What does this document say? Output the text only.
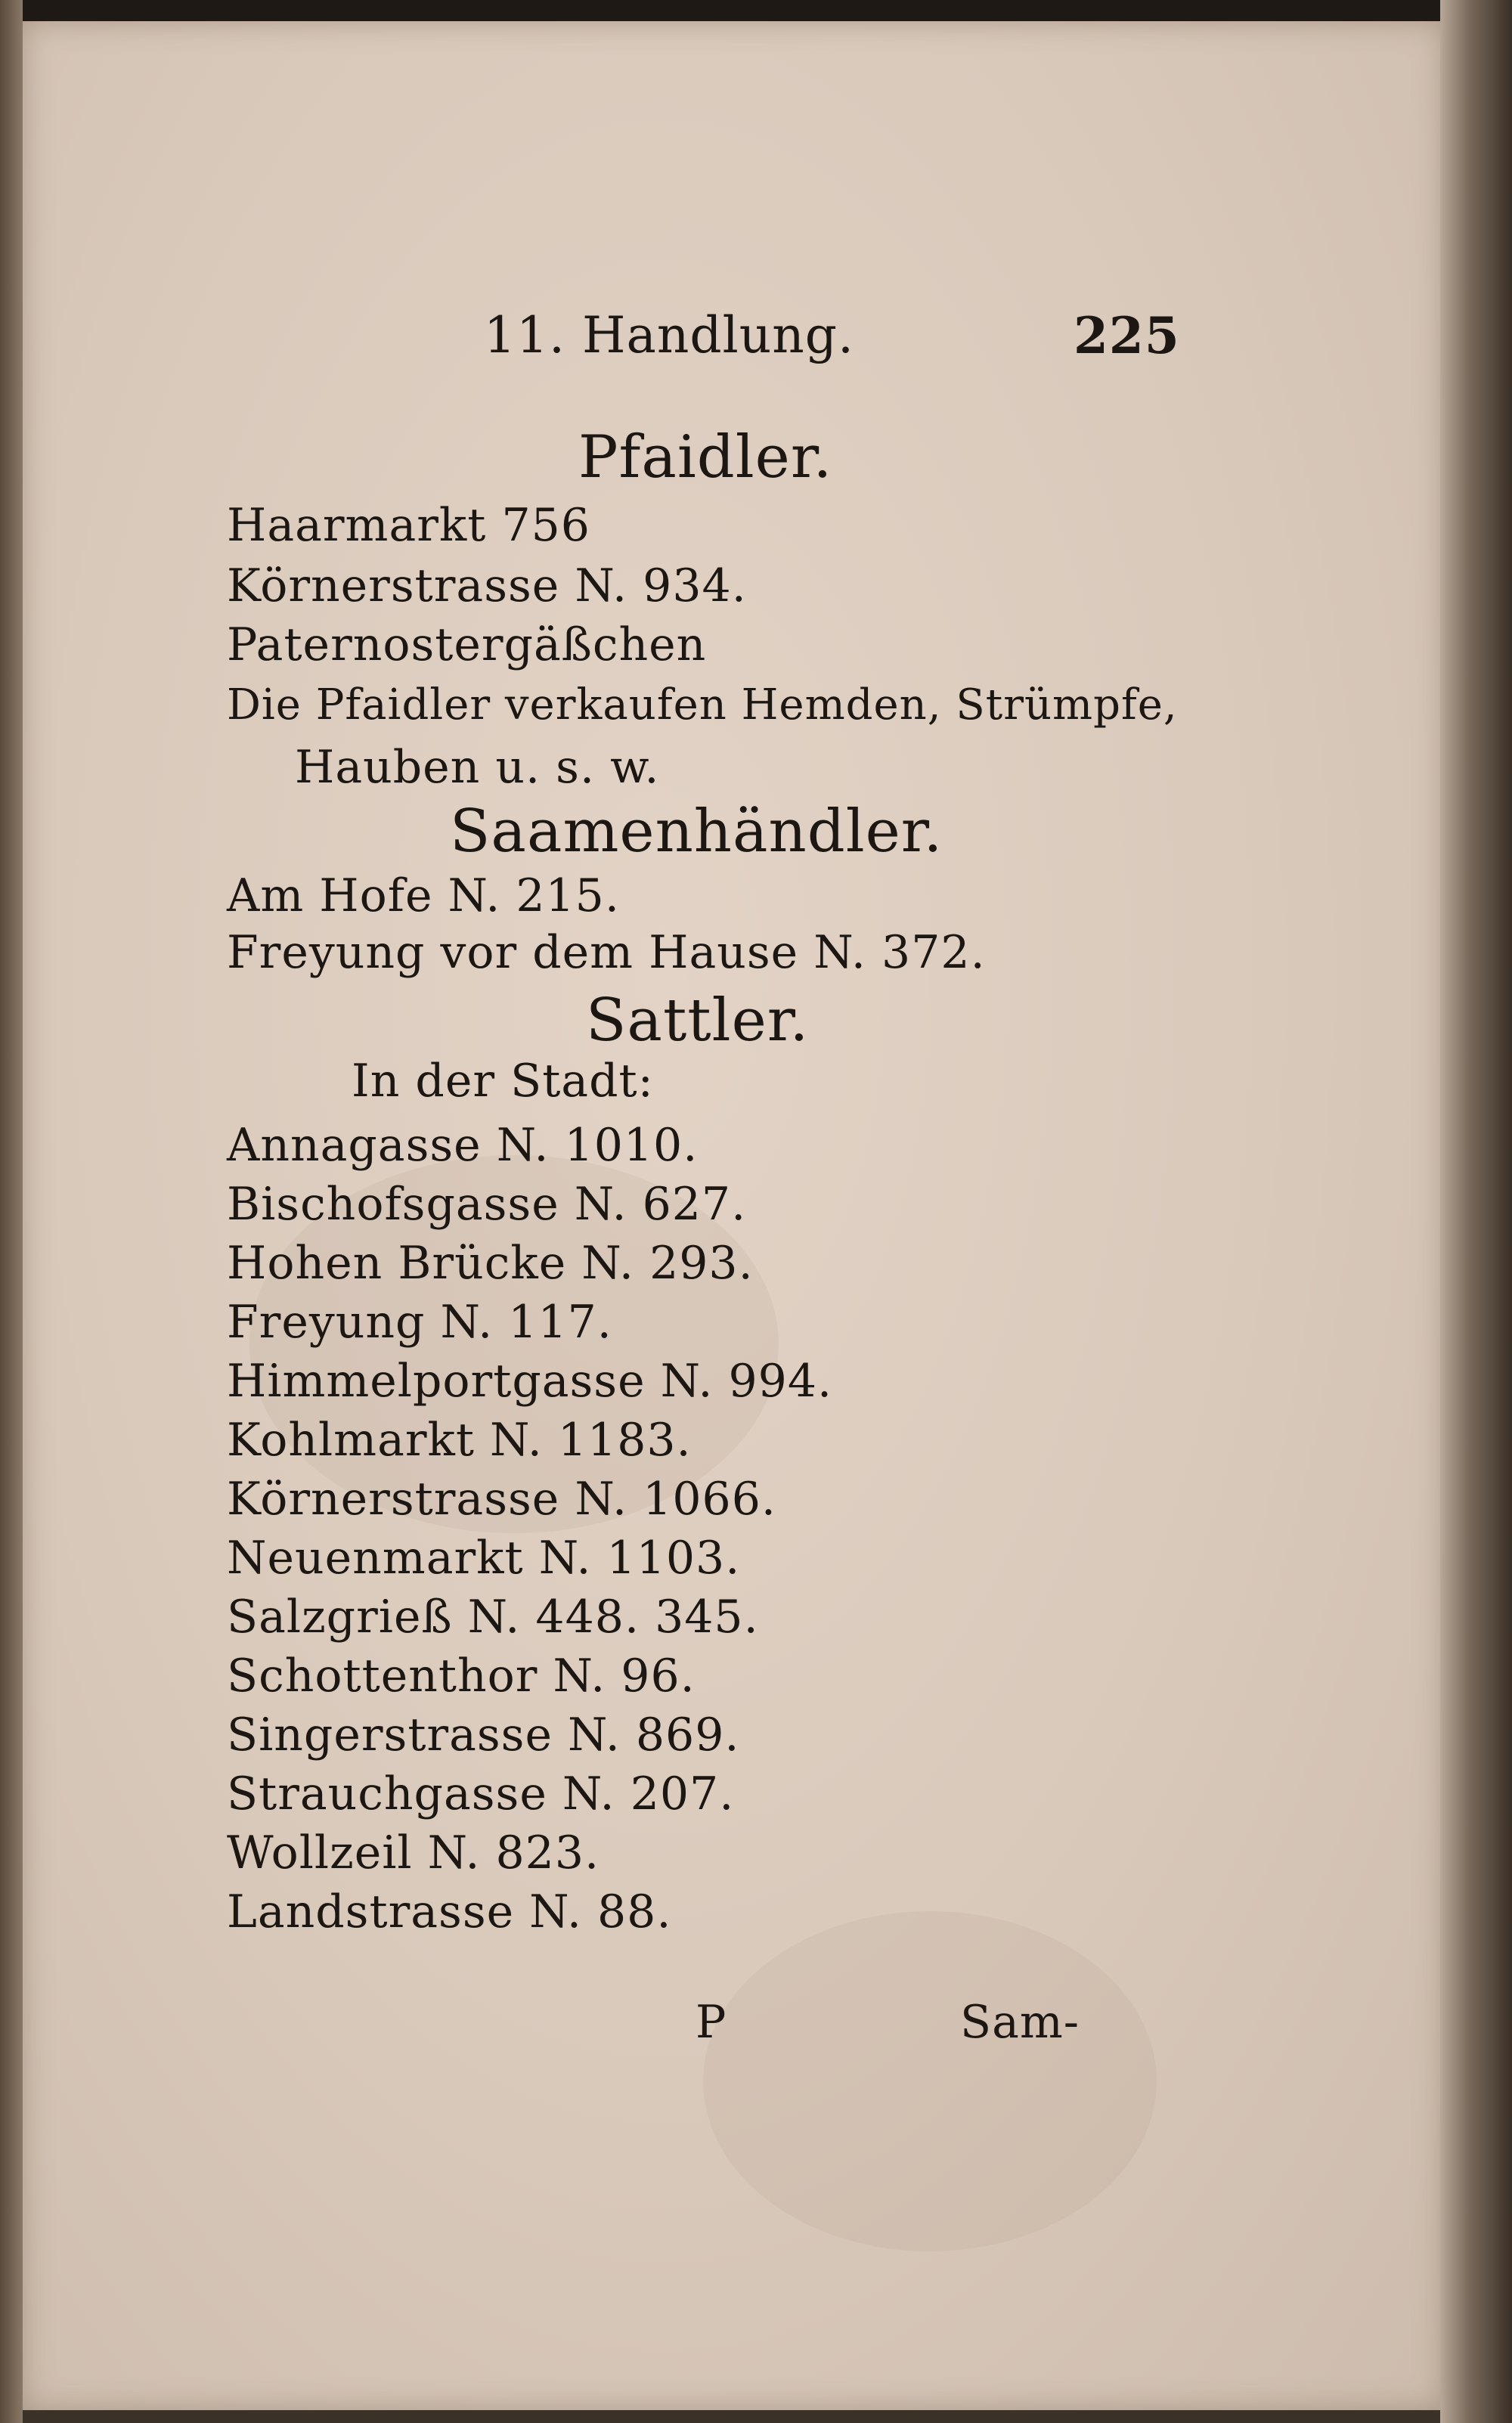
11. Handlung.	225
Pfaidler.
Haarmarkt 756
Körnerstrasse N. 934.
Paternostergäßchen
Die Pfaidler verkaufen Hemden, Strümpfe,
Hauben u. s. w.
Saamenhändler.
Am Hofe N. 215.
Freyung vor dem Hause N. 372.
Sattler.
In der Stadt:
Annagasse N. 1010.
Bischofsgasse N. 627.
Hohen Brücke N. 293.
Freyung N. 117.
Himmelportgasse N. 994.
Kohlmarkt N. 1183.
Körnerstrasse N. 1066.
Neuenmarkt N. 1103.
Salzgrieß N. 448. 345.
Schottenthor N. 96.
Singerstrasse N. 869.
Strauchgasse N. 207.
Wollzeil N. 823.
Landstrasse N. 88.
P	Sam-
